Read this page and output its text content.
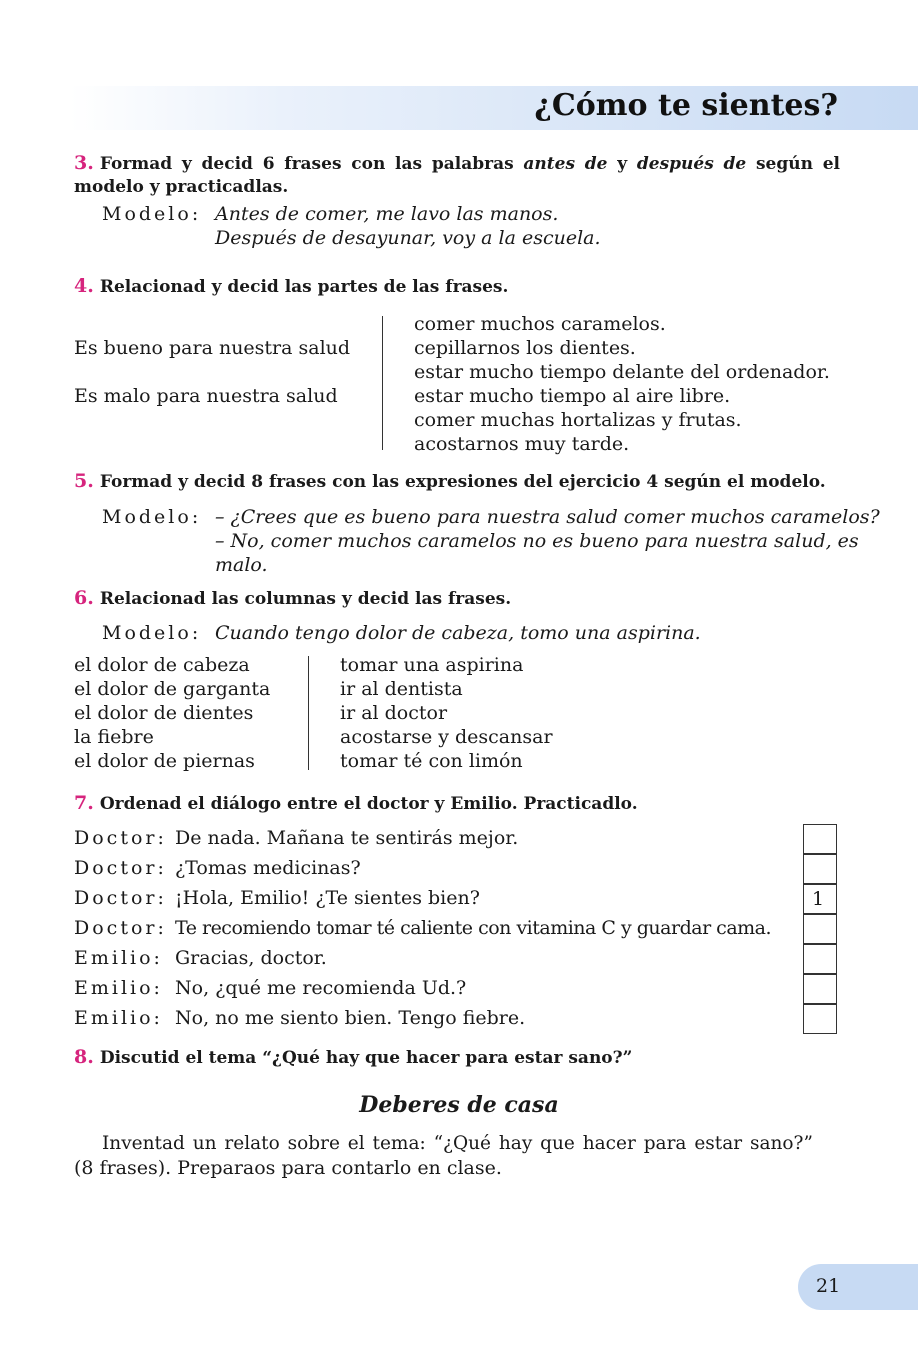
¿Cómo te sientes?
3. Formad y decid 6 frases con las palabras antes de y después de según el modelo y practicadlas.
Modelo: Antes de comer, me lavo las manos.
Después de desayunar, voy a la escuela.
4. Relacionad y decid las partes de las frases.
Es bueno para nuestra salud
Es malo para nuestra salud
comer muchos caramelos.
cepillarnos los dientes.
estar mucho tiempo delante del ordenador.
estar mucho tiempo al aire libre.
comer muchas hortalizas y frutas.
acostarnos muy tarde.
5. Formad y decid 8 frases con las expresiones del ejercicio 4 según el modelo.
Modelo: – ¿Crees que es bueno para nuestra salud comer muchos caramelos?
– No, comer muchos caramelos no es bueno para nuestra salud, es
malo.
6. Relacionad las columnas y decid las frases.
Modelo: Cuando tengo dolor de cabeza, tomo una aspirina.
el dolor de cabeza
el dolor de garganta
el dolor de dientes
la fiebre
el dolor de piernas
tomar una aspirina
ir al dentista
ir al doctor
acostarse y descansar
tomar té con limón
7. Ordenad el diálogo entre el doctor y Emilio. Practicadlo.
Doctor: De nada. Mañana te sentirás mejor.
Doctor: ¿Tomas medicinas?
Doctor: ¡Hola, Emilio! ¿Te sientes bien?	1
Doctor: Te recomiendo tomar té caliente con vitamina C y guardar cama.
Emilio: Gracias, doctor.
Emilio: No, ¿qué me recomienda Ud.?
Emilio: No, no me siento bien. Tengo fiebre.
8. Discutid el tema “¿Qué hay que hacer para estar sano?”
Deberes de casa
Inventad un relato sobre el tema: “¿Qué hay que hacer para estar sano?”
(8 frases). Preparaos para contarlo en clase.
21
